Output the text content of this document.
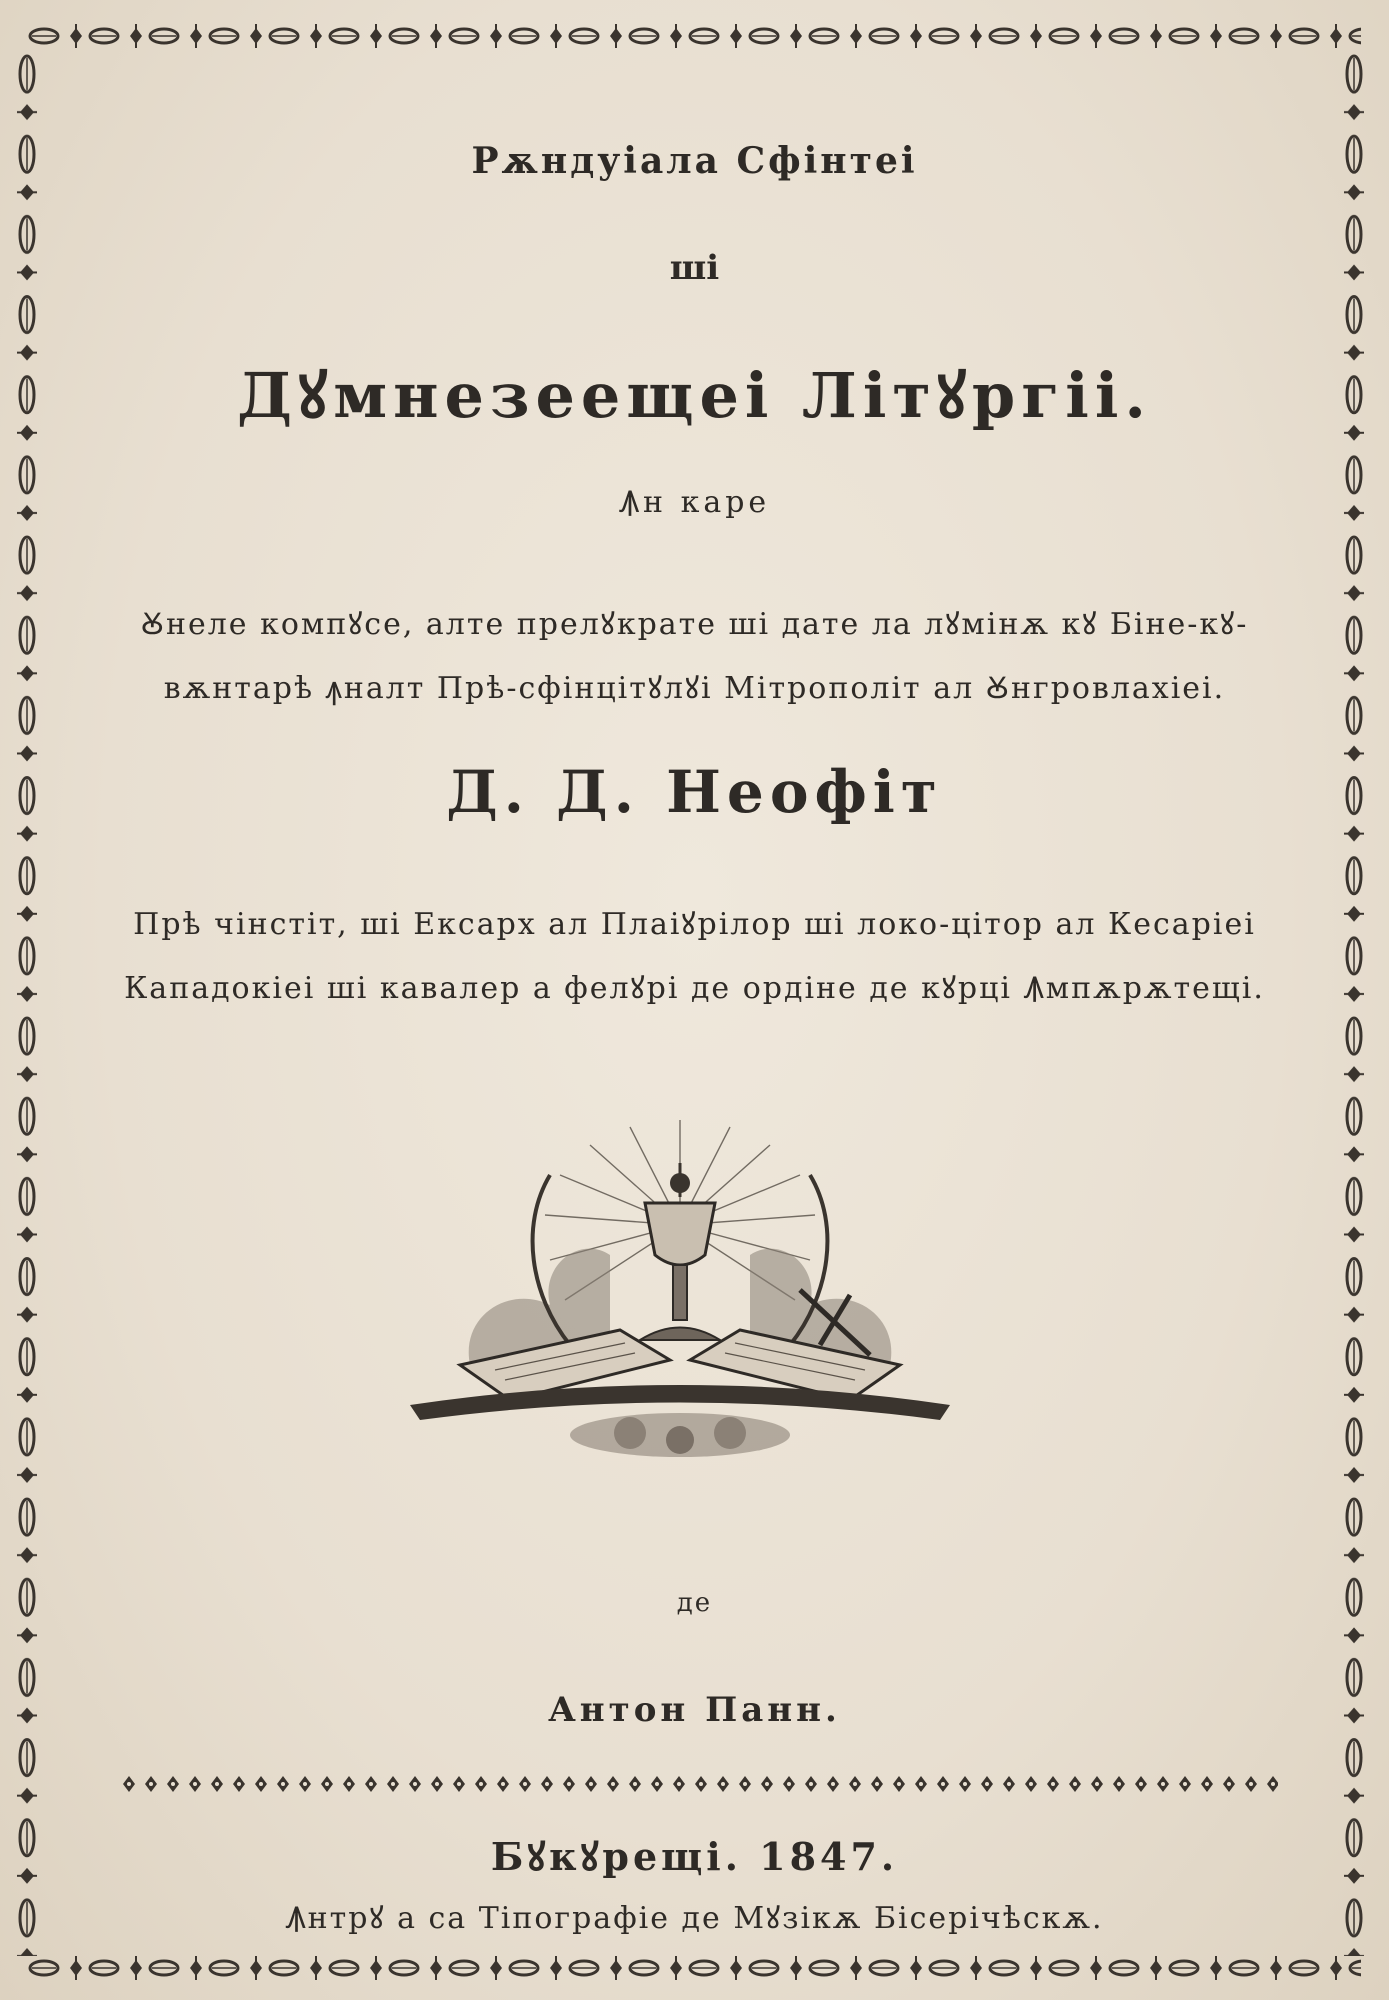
Рѫндуiала Сфiнтеi
шi
Дꙋмнезеещеi Лiтꙋргii.
Ꙟн каре
Ꙋнеле компꙋсе, алте прелꙋкрате шi дате ла лꙋмiнѫ кꙋ Бiне-кꙋ-
вѫнтарѣ ꙟналт Прѣ-сфiнцiтꙋлꙋi Мiтрополiт ал Ꙋнгровлахiеi.
Д. Д. Неофiт
Прѣ чiнстiт, шi Ексарх ал Плаiꙋрiлор шi локо-цiтор ал Кесарiеi
Кападокiеi шi кавалер а фелꙋрi де ордiне де кꙋрцi Ꙟмпѫрѫтещi.
де
Антон Панн.
Бꙋкꙋрещi. 1847.
Ꙟнтрꙋ а са Тiпографiе де Мꙋзiкѫ Бiсерiчѣскѫ.
